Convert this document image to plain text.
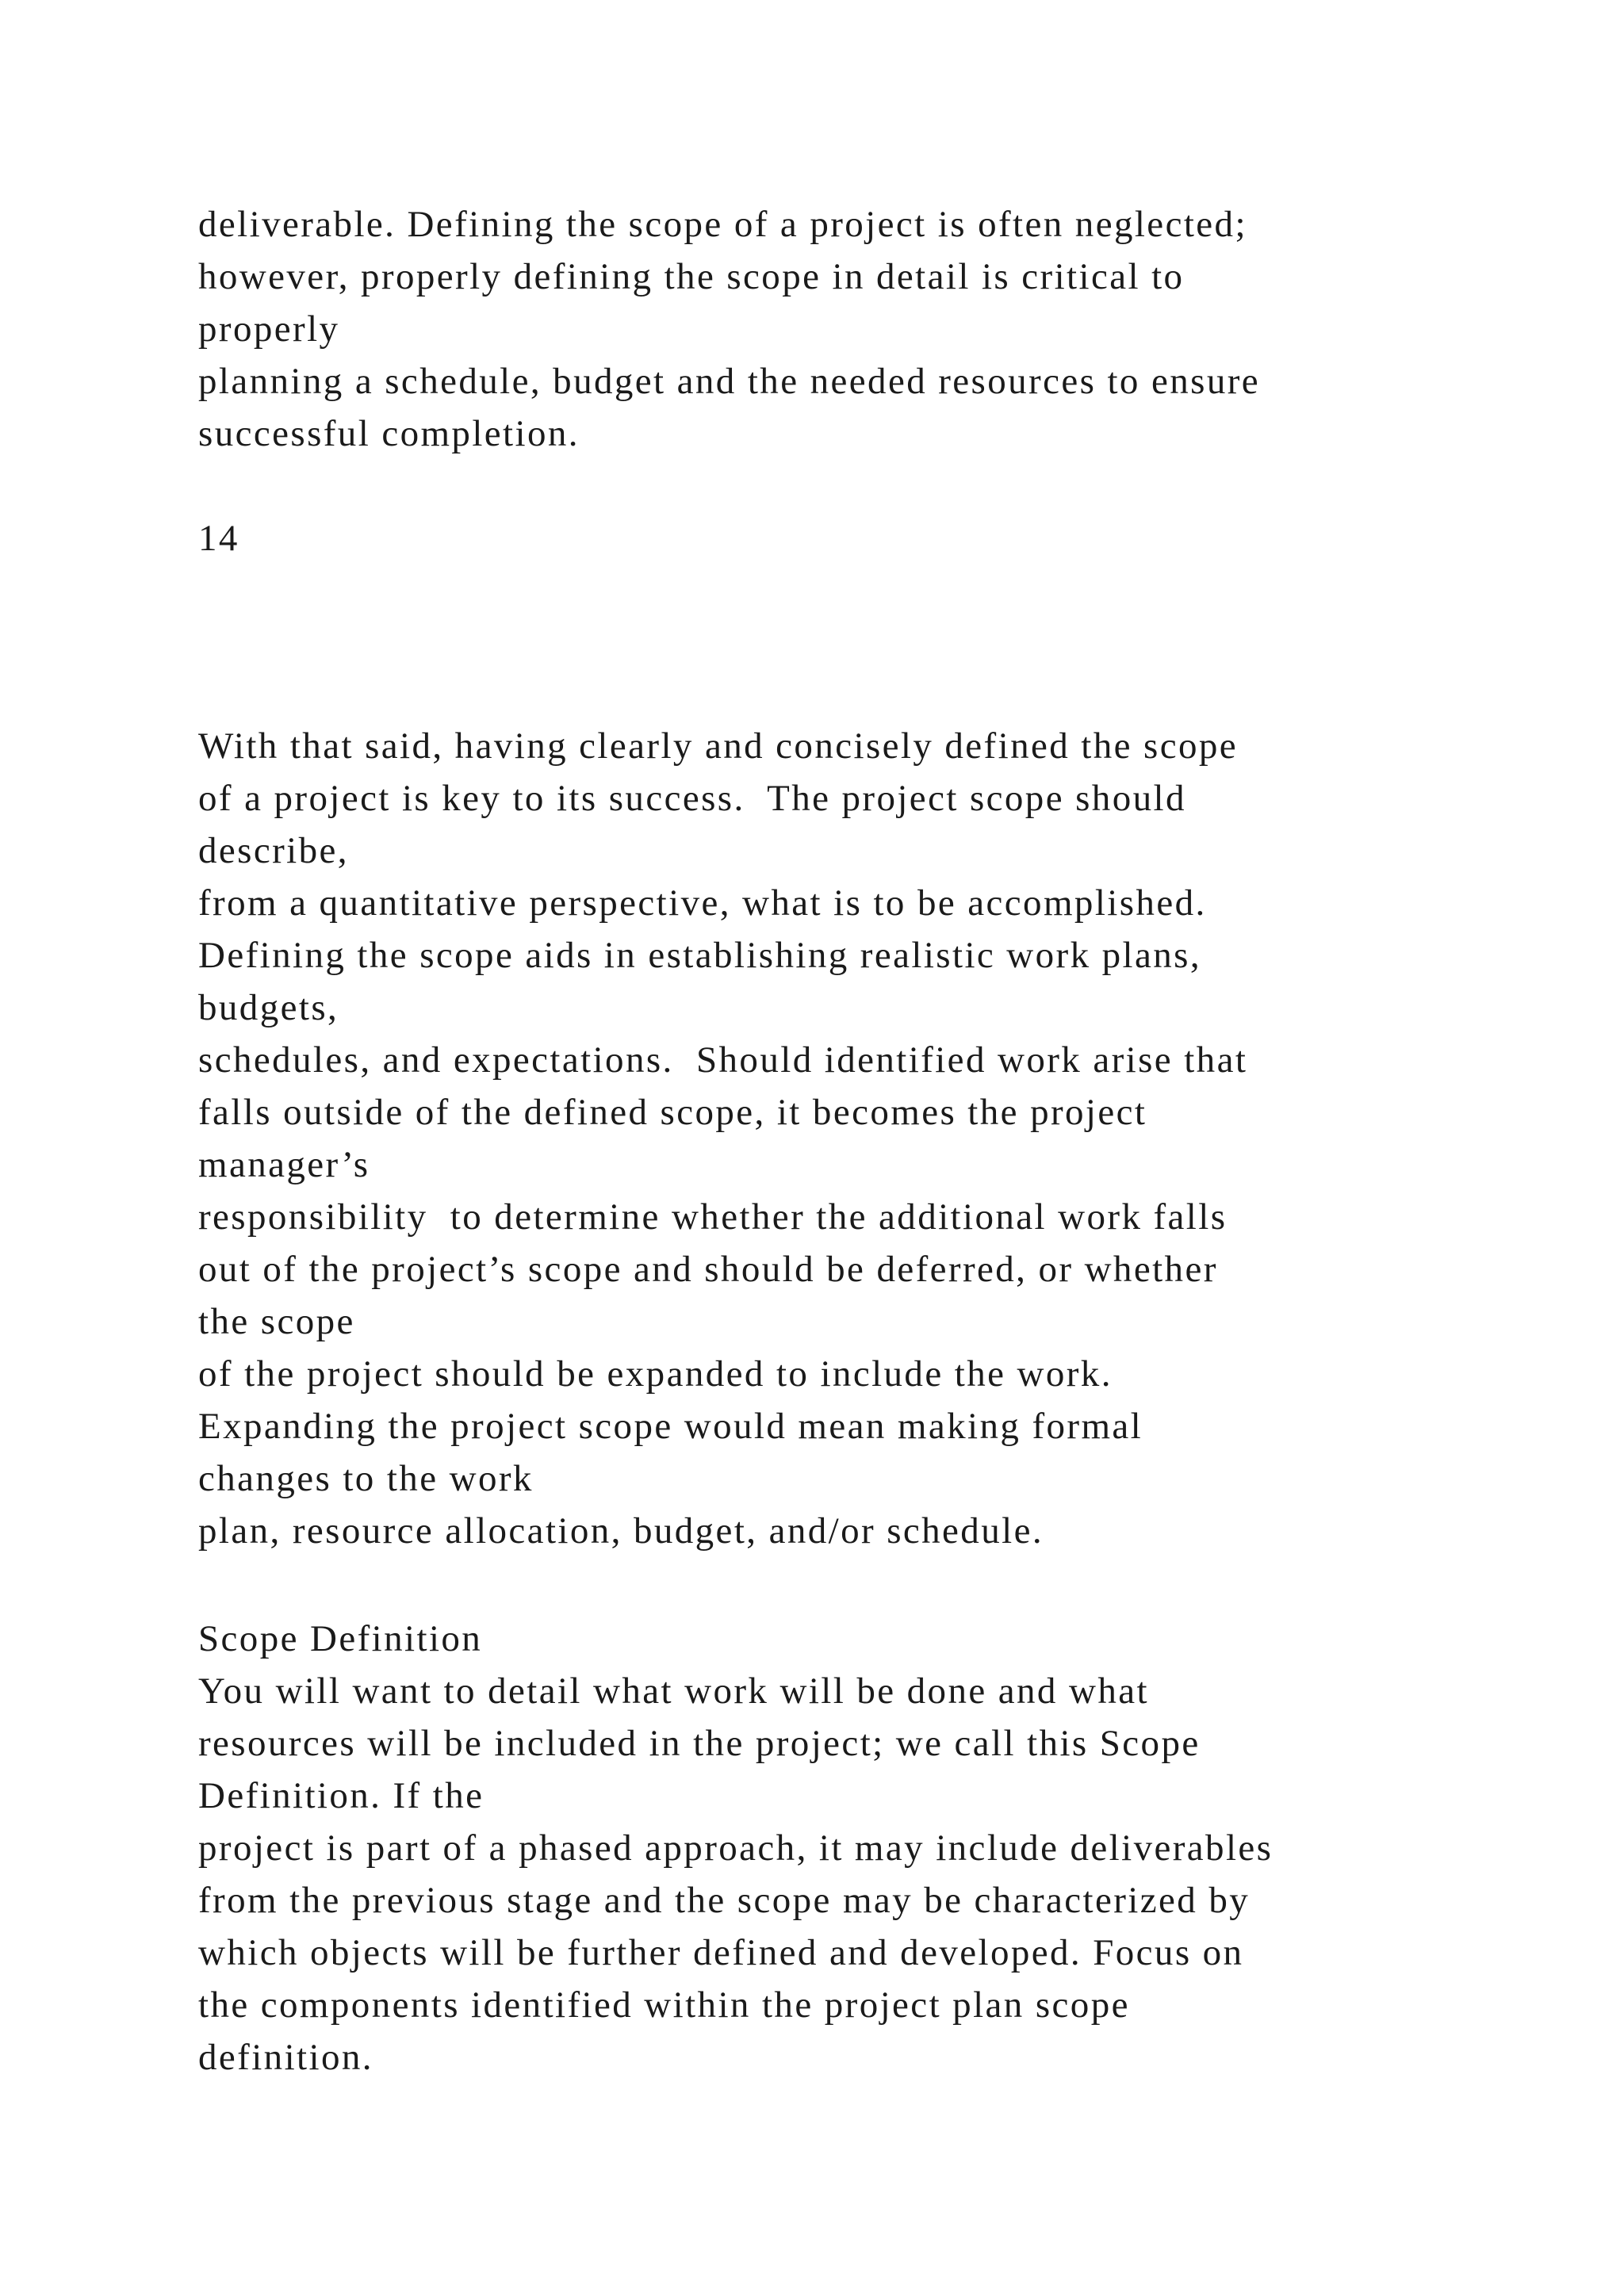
deliverable. Defining the scope of a project is often neglected;
however, properly defining the scope in detail is critical to
properly
planning a schedule, budget and the needed resources to ensure
successful completion.
14
With that said, having clearly and concisely defined the scope
of a project is key to its success.  The project scope should
describe,
from a quantitative perspective, what is to be accomplished.
Defining the scope aids in establishing realistic work plans,
budgets,
schedules, and expectations.  Should identified work arise that
falls outside of the defined scope, it becomes the project
manager’s
responsibility  to determine whether the additional work falls
out of the project’s scope and should be deferred, or whether
the scope
of the project should be expanded to include the work.
Expanding the project scope would mean making formal
changes to the work
plan, resource allocation, budget, and/or schedule.
Scope Definition
You will want to detail what work will be done and what
resources will be included in the project; we call this Scope
Definition. If the
project is part of a phased approach, it may include deliverables
from the previous stage and the scope may be characterized by
which objects will be further defined and developed. Focus on
the components identified within the project plan scope
definition.
